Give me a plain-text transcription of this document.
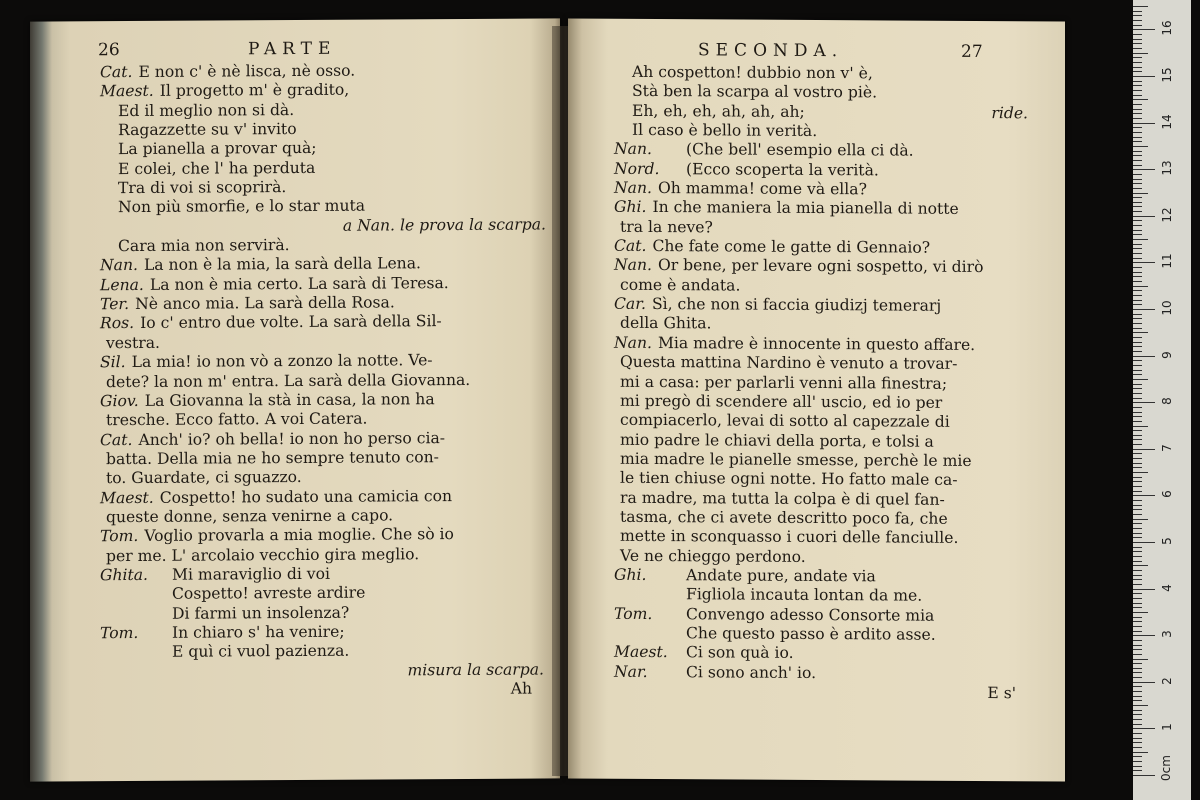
26	PARTE
Cat. E non c' è nè lisca, nè osso.
Maest. Il progetto m' è gradito,
Ed il meglio non si dà.
Ragazzette su v' invito
La pianella a provar quà;
E colei, che l' ha perduta
Tra di voi si scoprirà.
Non più smorfie, e lo star muta
a Nan. le prova la scarpa.
Cara mia non servirà.
Nan. La non è la mia, la sarà della Lena.
Lena. La non è mia certo. La sarà di Teresa.
Ter. Nè anco mia. La sarà della Rosa.
Ros. Io c' entro due volte. La sarà della Sil-
vestra.
Sil. La mia! io non vò a zonzo la notte. Ve-
dete? la non m' entra. La sarà della Giovanna.
Giov. La Giovanna la stà in casa, la non ha
tresche. Ecco fatto. A voi Catera.
Cat. Anch' io? oh bella! io non ho perso cia-
batta. Della mia ne ho sempre tenuto con-
to. Guardate, ci sguazzo.
Maest. Cospetto! ho sudato una camicia con
queste donne, senza venirne a capo.
Tom. Voglio provarla a mia moglie. Che sò io
per me. L' arcolaio vecchio gira meglio.
Ghita. Mi maraviglio di voi
Cospetto! avreste ardire
Di farmi un insolenza?
Tom. In chiaro s' ha venire;
E quì ci vuol pazienza.
misura la scarpa.
Ah
SECONDA.	27
Ah cospetton! dubbio non v' è,
Stà ben la scarpa al vostro piè.
Eh, eh, eh, ah, ah, ah;	ride.
Il caso è bello in verità.
Nan. (Che bell' esempio ella ci dà.
Nord. (Ecco scoperta la verità.
Nan. Oh mamma! come và ella?
Ghi. In che maniera la mia pianella di notte
tra la neve?
Cat. Che fate come le gatte di Gennaio?
Nan. Or bene, per levare ogni sospetto, vi dirò
come è andata.
Car. Sì, che non si faccia giudizj temerarj
della Ghita.
Nan. Mia madre è innocente in questo affare.
Questa mattina Nardino è venuto a trovar-
mi a casa: per parlarli venni alla finestra;
mi pregò di scendere all' uscio, ed io per
compiacerlo, levai di sotto al capezzale di
mio padre le chiavi della porta, e tolsi a
mia madre le pianelle smesse, perchè le mie
le tien chiuse ogni notte. Ho fatto male ca-
ra madre, ma tutta la colpa è di quel fan-
tasma, che ci avete descritto poco fa, che
mette in sconquasso i cuori delle fanciulle.
Ve ne chieggo perdono.
Ghi.	Andate pure, andate via
Figliola incauta lontan da me.
Tom. Convengo adesso Consorte mia
Che questo passo è ardito asse.
Maest. Ci son quà io.
Nar. Ci sono anch' io.
E s'
0cm
1
2
3
4
5
6
7
8
9
10
11
12
13
14
15
16
